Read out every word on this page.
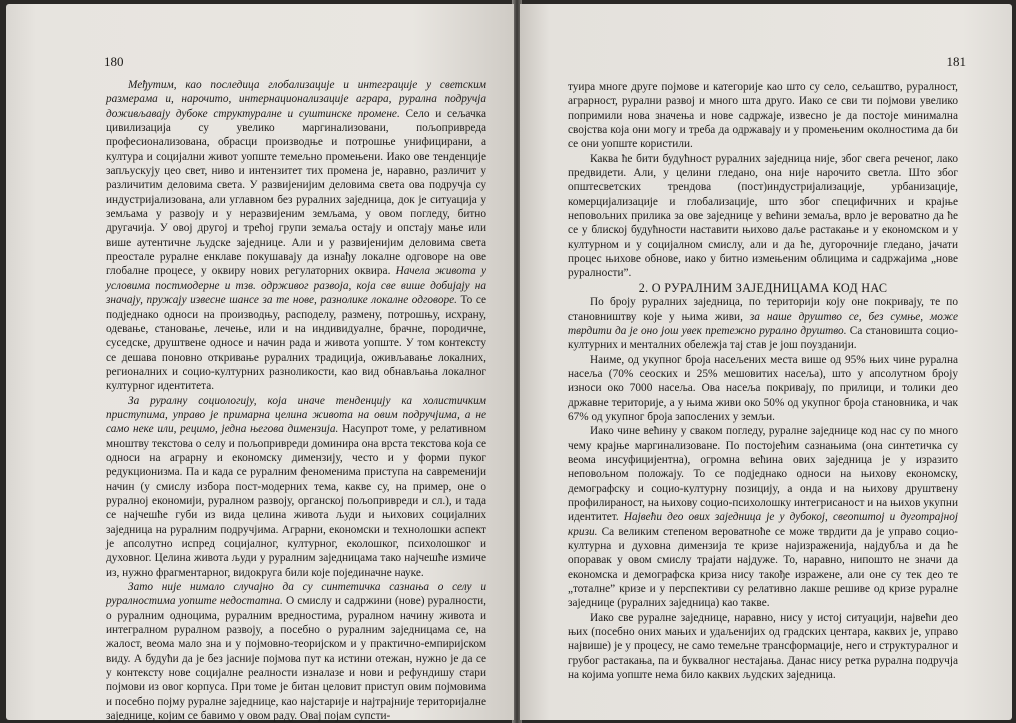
180

Међутим, као последица глобализације и интеграције у светским размерама и, нарочито, интернационализације аграра, рурална подручја доживљавају дубоке структуралне и суштинске промене. Село и сељачка цивилизација су увелико маргинализовани, пољопривреда професионализована, обрасци производње и потрошње унифицирани, а култура и социјални живот уопште темељно промењени. Иако ове тенденције запљускују цео свет, ниво и интензитет тих промена је, наравно, различит у различитим деловима света. У развијенијим деловима света ова подручја су индустријализована, али углавном без руралних заједница, док је ситуација у земљама у развоју и у неразвијеним земљама, у овом погледу, битно другачија. У овој другој и трећој групи земаља остају и опстају мање или више аутентичне људске заједнице. Али и у развијенијим деловима света преостале руралне енклаве покушавају да изнађу локалне одговоре на ове глобалне процесе, у оквиру нових регулаторних оквира. Начела живота у условима постмодерне и тзв. одрживог развоја, која све више добијају на значају, пружају извесне шансе за те нове, разнолике локалне одговоре. То се подједнако односи на производњу, расподелу, размену, потрошњу, исхрану, одевање, становање, лечење, или и на индивидуалне, брачне, породичне, суседске, друштвене односе и начин рада и живота уопште. У том контексту се дешава поновно откривање руралних традиција, оживљавање локалних, регионалних и социо-културних разноликости, као вид обнављања локалног културног идентитета.

За руралну социологију, која иначе тенденцију ка холистичким приступима, управо је примарна целина живота на овим подручјима, а не само неке или, рецимо, једна његова димензија. Насупрот томе, у релативном мноштву текстова о селу и пољопривреди доминира она врста текстова која се односи на аграрну и економску димензију, често и у форми пуког редукционизма. Па и када се руралним феноменима приступа на савременији начин (у смислу избора пост-модерних тема, какве су, на пример, оне о руралној економији, руралном развоју, органској пољопривреди и сл.), и тада се најчешће губи из вида целина живота људи и њихових социјалних заједница на руралним подручјима. Аграрни, економски и технолошки аспект је апсолутно испред социјалног, културног, еколошког, психолошког и духовног. Целина живота људи у руралним заједницама тако најчешће измиче из, нужно фрагментарног, видокруга били које појединачне науке.

Зато није нимало случајно да су синтетичка сазнања о селу и руралностима уопште недостатна. О смислу и садржини (нове) руралности, о руралним одноцима, руралним вредностима, руралном начину живота и интегралном руралном развоју, а посебно о руралним заједницама се, на жалост, веома мало зна и у појмовно-теоријском и у практично-емпиријском виду. А будући да је без јасније појмова пут ка истини отежан, нужно је да се у контексту нове социјалне реалности изналазе и нови и рефундишу стари појмови из овог корпуса. При томе је битан целовит приступ овим појмовима и посебно појму руралне заједнице, као најстарије и најтрајније територијалне заједнице, којим се бавимо у овом раду. Овај појам супсти-

181

туира многе друге појмове и категорије као што су село, сељаштво, руралност, аграрност, рурални развој и много шта друго. Иако се сви ти појмови увелико попримили нова значења и нове садржаје, извесно је да постоје минимална својства која они могу и треба да одржавају и у промењеним околностима да би се они уопште користили.

Каква ће бити будућност руралних заједница није, због свега реченог, лако предвидети. Али, у целини гледано, она није нарочито светла. Што због општесветских трендова (пост)индустријализације, урбанизације, комерцијализације и глобализације, што због специфичних и крајње неповољних прилика за ове заједнице у већини земаља, врло је вероватно да ће се у блиској будућности наставити њихово даље растакање и у економском и у културном и у социјалном смислу, али и да ће, дугорочније гледано, јачати процес њихове обнове, иако у битно измењеним облицима и садржајима „нове руралности”.

2. О РУРАЛНИМ ЗАЈЕДНИЦАМА КОД НАС

По броју руралних заједница, по територији коју оне покривају, те по становништву које у њима живи, за наше друштво се, без сумње, може тврдити да је оно још увек претежно рурално друштво. Са становишта социо-културних и менталних обележја тај став је још поузданији.

Наиме, од укупног броја насељених места више од 95% њих чине рурална насеља (70% сеоских и 25% мешовитих насеља), што у апсолутном броју износи око 7000 насеља. Ова насеља покривају, по прилици, и толики део државне територије, а у њима живи око 50% од укупног броја становника, и чак 67% од укупног броја запослених у земљи.

Иако чине већину у сваком погледу, руралне заједнице код нас су по много чему крајње маргинализоване. По постојећим сазнањима (она синтетичка су веома инсуфицијентна), огромна већина ових заједница је у изразито неповољном положају. То се подједнако односи на њихову економску, демографску и социо-културну позицију, а онда и на њихову друштвену профилираност, на њихову социо-психолошку интегрисаност и на њихов укупни идентитет. Највећи део ових заједница је у дубокој, свеопштој и дуготрајној кризи. Са великим степеном вероватноће се може тврдити да је управо социо-културна и духовна димензија те кризе најизраженија, најдубља и да ће опоравак у овом смислу трајати најдуже. То, наравно, нипошто не значи да економска и демографска криза нису такође изражене, али оне су тек део те „тоталне” кризе и у перспективи су релативно лакше решиве од кризе руралне заједнице (руралних заједница) као такве.

Иако све руралне заједнице, наравно, нису у истој ситуацији, највећи део њих (посебно оних мањих и удаљенијих од градских центара, каквих је, управо највише) је у процесу, не само темељне трансформације, него и структуралног и грубог растакања, па и буквалног нестајања. Данас нису ретка рурална подручја на којима уопште нема било каквих људских заједница.
